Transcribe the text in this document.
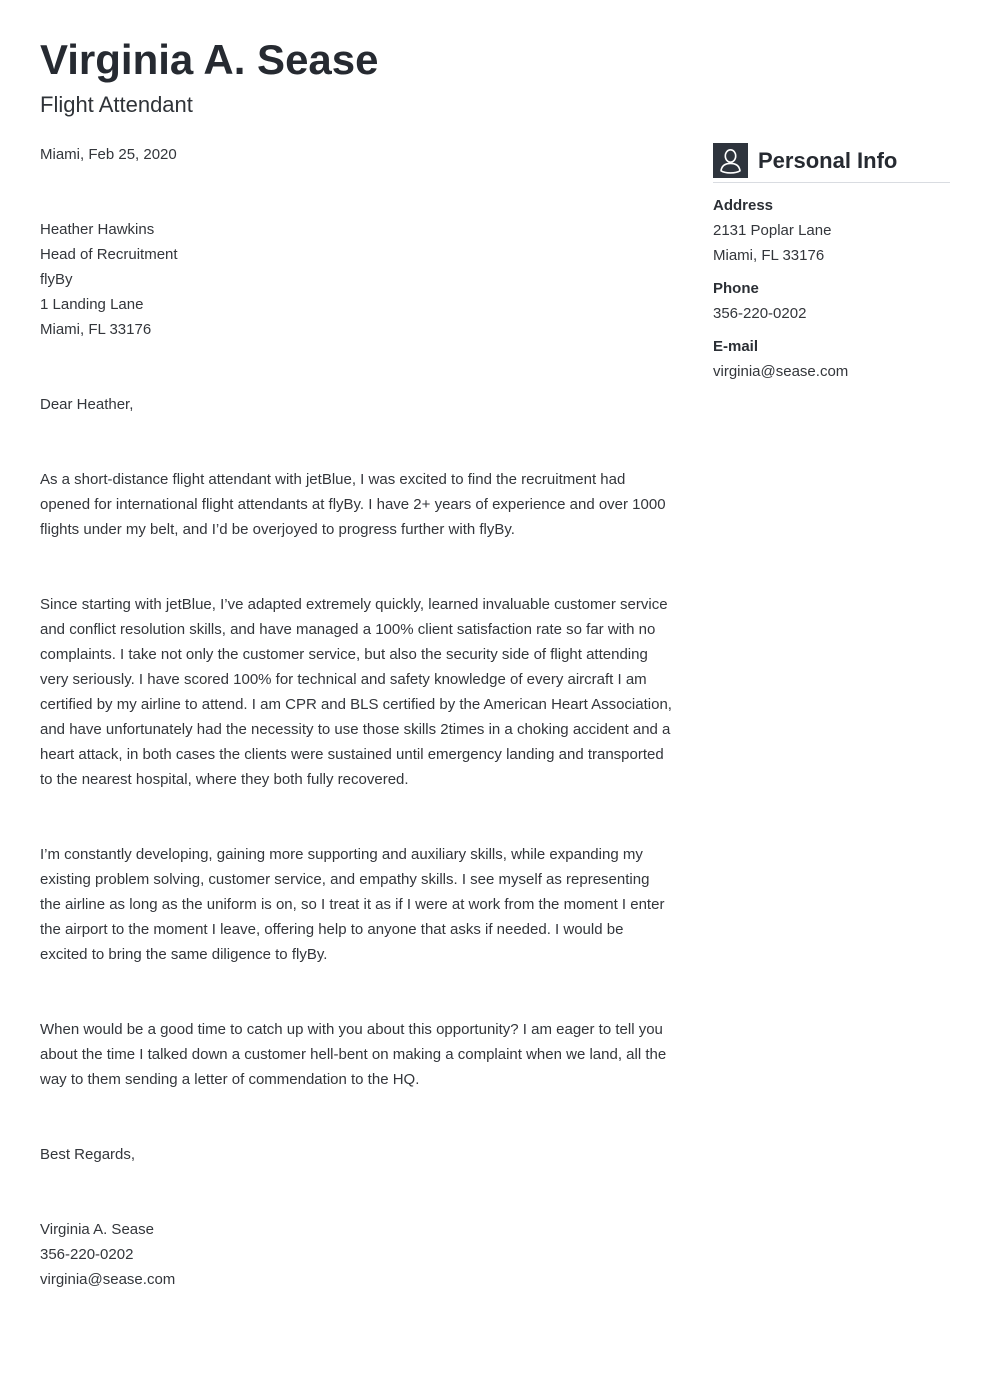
Virginia A. Sease
Flight Attendant
Miami, Feb 25, 2020
Heather Hawkins
Head of Recruitment
flyBy
1 Landing Lane
Miami, FL 33176
Dear Heather,

As a short-distance flight attendant with jetBlue, I was excited to find the recruitment had
opened for international flight attendants at flyBy. I have 2+ years of experience and over 1000
flights under my belt, and I’d be overjoyed to progress further with flyBy.

Since starting with jetBlue, I’ve adapted extremely quickly, learned invaluable customer service
and conflict resolution skills, and have managed a 100% client satisfaction rate so far with no
complaints. I take not only the customer service, but also the security side of flight attending
very seriously. I have scored 100% for technical and safety knowledge of every aircraft I am
certified by my airline to attend. I am CPR and BLS certified by the American Heart Association,
and have unfortunately had the necessity to use those skills 2times in a choking accident and a
heart attack, in both cases the clients were sustained until emergency landing and transported
to the nearest hospital, where they both fully recovered.

I’m constantly developing, gaining more supporting and auxiliary skills, while expanding my
existing problem solving, customer service, and empathy skills. I see myself as representing
the airline as long as the uniform is on, so I treat it as if I were at work from the moment I enter
the airport to the moment I leave, offering help to anyone that asks if needed. I would be
excited to bring the same diligence to flyBy.

When would be a good time to catch up with you about this opportunity? I am eager to tell you
about the time I talked down a customer hell-bent on making a complaint when we land, all the
way to them sending a letter of commendation to the HQ.

Best Regards,
Virginia A. Sease
356-220-0202
virginia@sease.com
Personal Info
Address
2131 Poplar Lane
Miami, FL 33176
Phone
356-220-0202
E-mail
virginia@sease.com
